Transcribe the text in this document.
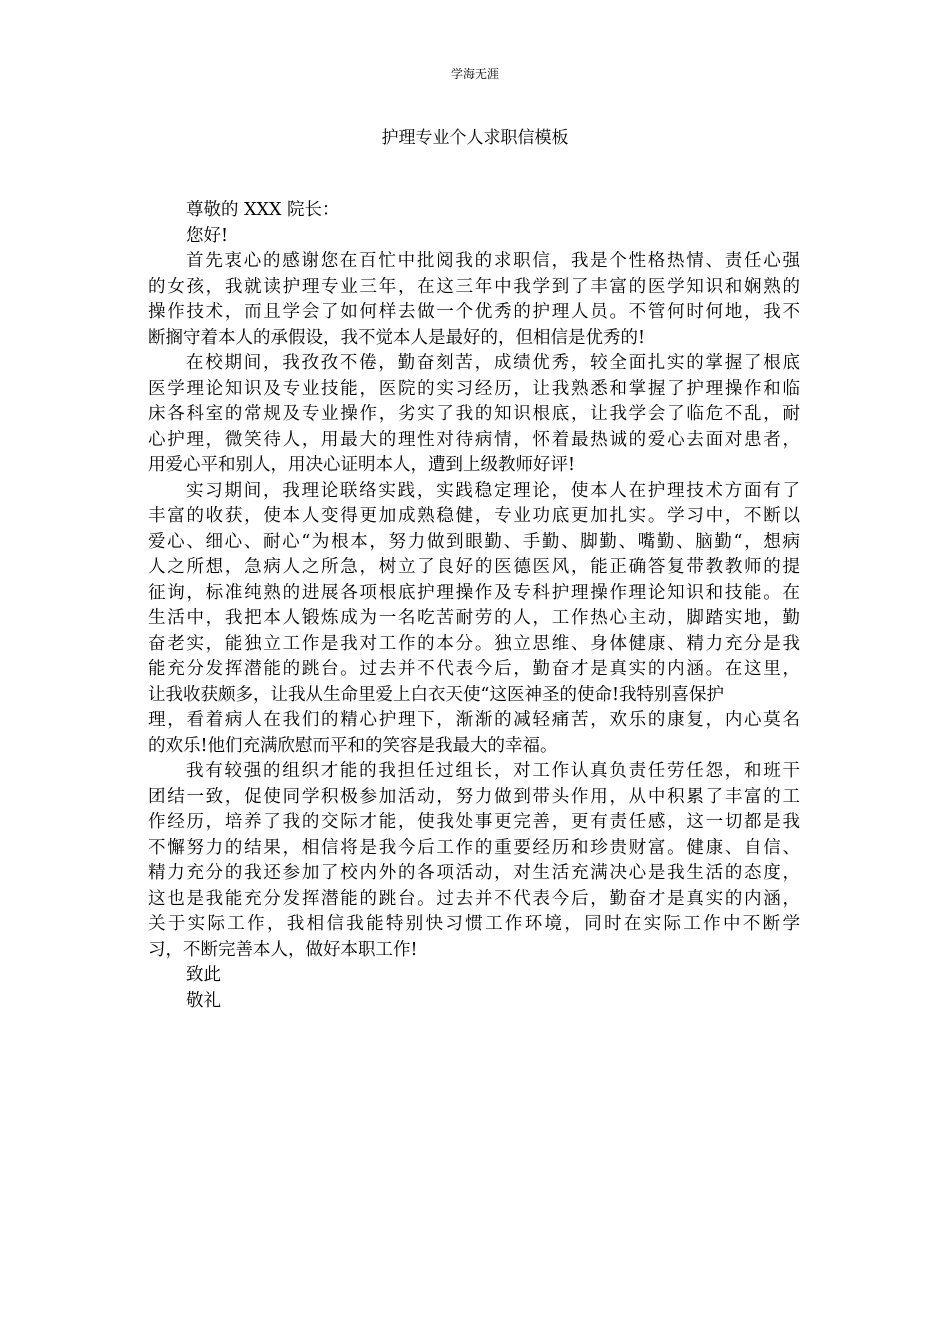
学海无涯
护理专业个人求职信模板
尊敬的 XXX 院长：
您好!
首先衷心的感谢您在百忙中批阅我的求职信，我是个性格热情、责任心强
的女孩，我就读护理专业三年，在这三年中我学到了丰富的医学知识和娴熟的
操作技术，而且学会了如何样去做一个优秀的护理人员。不管何时何地，我不
断搁守着本人的承假设，我不觉本人是最好的，但相信是优秀的!
在校期间，我孜孜不倦，勤奋刻苦，成绩优秀，较全面扎实的掌握了根底
医学理论知识及专业技能，医院的实习经历，让我熟悉和掌握了护理操作和临
床各科室的常规及专业操作，劣实了我的知识根底，让我学会了临危不乱，耐
心护理，微笑待人，用最大的理性对待病情，怀着最热诚的爱心去面对患者，
用爱心平和别人，用决心证明本人，遭到上级教师好评!
实习期间，我理论联络实践，实践稳定理论，使本人在护理技术方面有了
丰富的收获，使本人变得更加成熟稳健，专业功底更加扎实。学习中，不断以
爱心、细心、耐心“为根本，努力做到眼勤、手勤、脚勤、嘴勤、脑勤“，想病
人之所想，急病人之所急，树立了良好的医德医风，能正确答复带教教师的提
征询，标准纯熟的进展各项根底护理操作及专科护理操作理论知识和技能。在
生活中，我把本人锻炼成为一名吃苦耐劳的人，工作热心主动，脚踏实地，勤
奋老实，能独立工作是我对工作的本分。独立思维、身体健康、精力充分是我
能充分发挥潜能的跳台。过去并不代表今后，勤奋才是真实的内涵。在这里，
让我收获颇多，让我从生命里爱上白衣天使“这医神圣的使命!我特别喜保护
理，看着病人在我们的精心护理下，渐渐的减轻痛苦，欢乐的康复，内心莫名
的欢乐!他们充满欣慰而平和的笑容是我最大的幸福。
我有较强的组织才能的我担任过组长，对工作认真负责任劳任怨，和班干
团结一致，促使同学积极参加活动，努力做到带头作用，从中积累了丰富的工
作经历，培养了我的交际才能，使我处事更完善，更有责任感，这一切都是我
不懈努力的结果，相信将是我今后工作的重要经历和珍贵财富。健康、自信、
精力充分的我还参加了校内外的各项活动，对生活充满决心是我生活的态度，
这也是我能充分发挥潜能的跳台。过去并不代表今后，勤奋才是真实的内涵，
关于实际工作，我相信我能特别快习惯工作环境，同时在实际工作中不断学
习，不断完善本人，做好本职工作!
致此
敬礼
